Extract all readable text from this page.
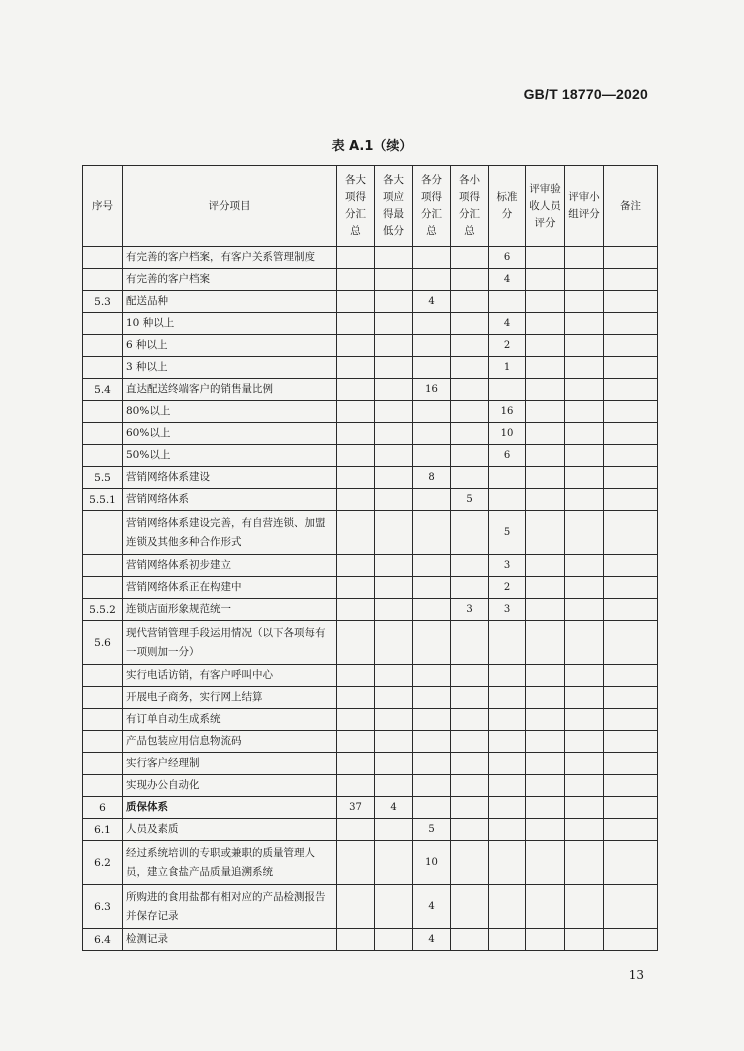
GB/T 18770—2020
表 A.1（续）
序号	评分项目	各大项得分汇总	各大项应得最低分	各分项得分汇总	各小项得分汇总	标准分	评审验收人员评分	评审小组评分	备注
	有完善的客户档案，有客户关系管理制度					6			
	有完善的客户档案					4			
5.3	配送品种			4					
	10 种以上					4			
	6 种以上					2			
	3 种以上					1			
5.4	直达配送终端客户的销售量比例			16					
	80%以上					16			
	60%以上					10			
	50%以上					6			
5.5	营销网络体系建设			8					
5.5.1	营销网络体系				5				
	营销网络体系建设完善，有自营连锁、加盟连锁及其他多种合作形式					5			
	营销网络体系初步建立					3			
	营销网络体系正在构建中					2			
5.5.2	连锁店面形象规范统一				3	3			
5.6	现代营销管理手段运用情况（以下各项每有一项则加一分）								
	实行电话访销，有客户呼叫中心								
	开展电子商务，实行网上结算								
	有订单自动生成系统								
	产品包装应用信息物流码								
	实行客户经理制								
	实现办公自动化								
6	质保体系	37	4						
6.1	人员及素质			5					
6.2	经过系统培训的专职或兼职的质量管理人员，建立食盐产品质量追溯系统			10					
6.3	所购进的食用盐都有相对应的产品检测报告并保存记录			4					
6.4	检测记录			4					
13
